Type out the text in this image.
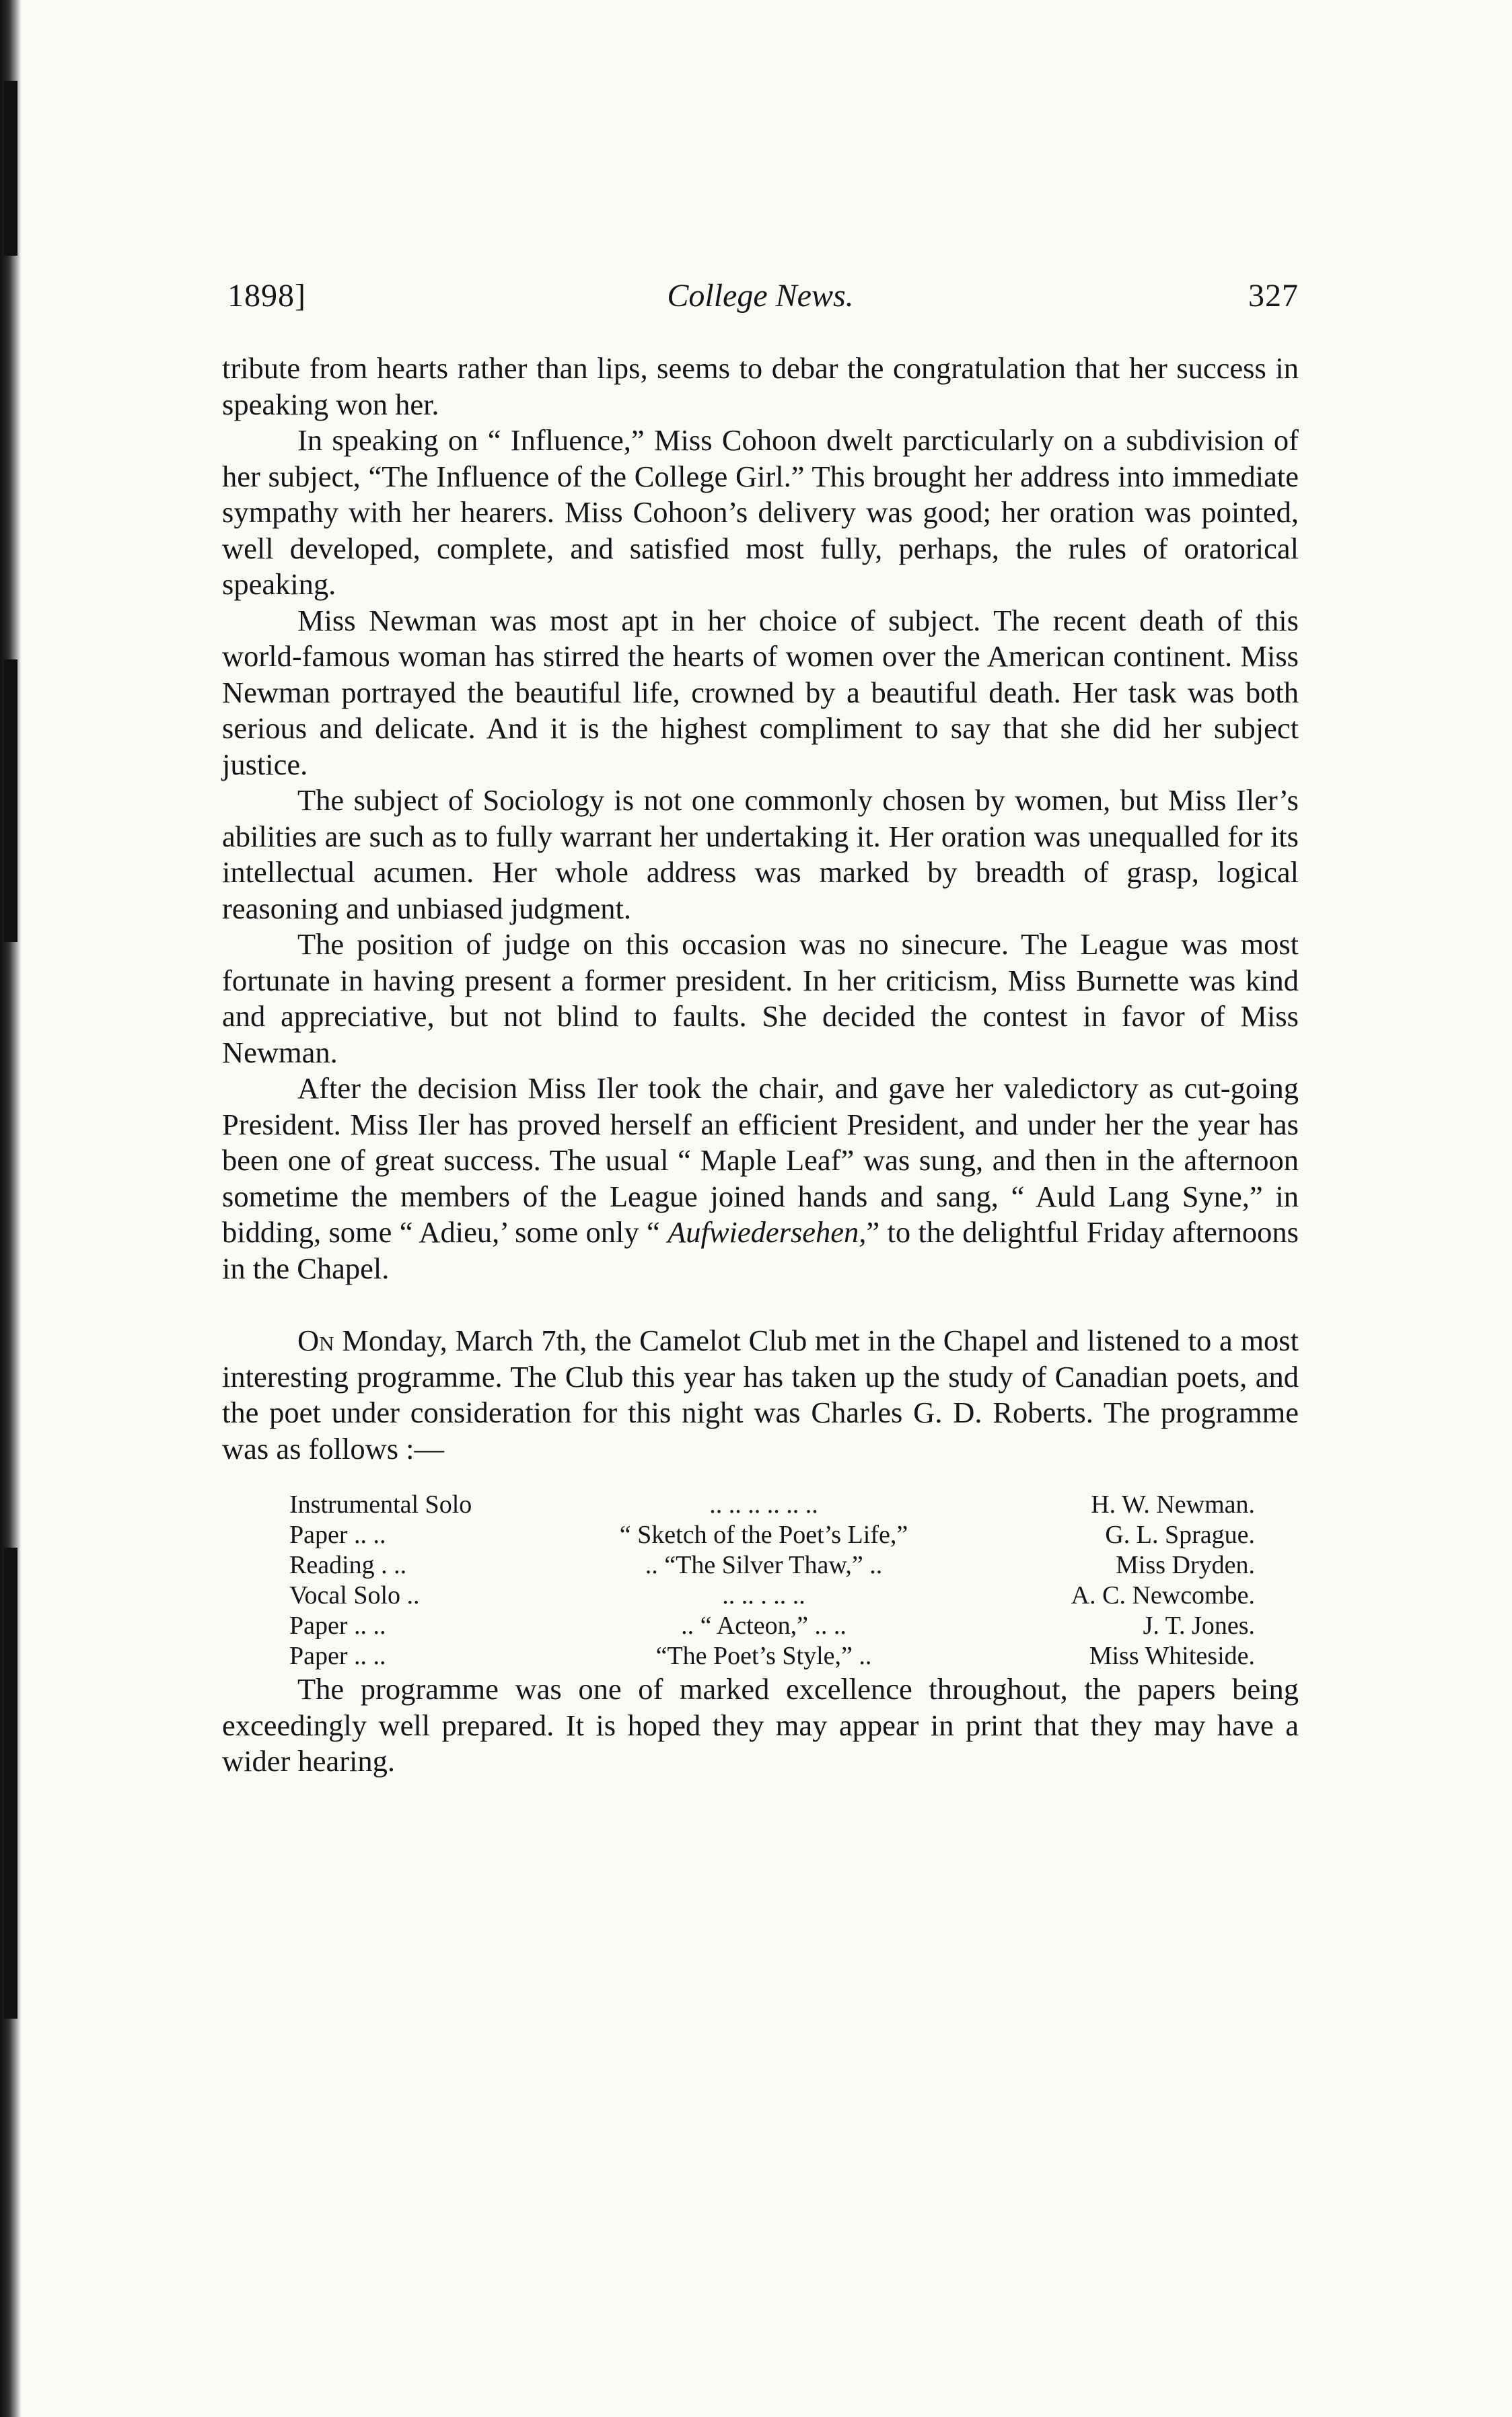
1898]	College News.	327

tribute from hearts rather than lips, seems to debar the congratulation that her success in speaking won her.

In speaking on “ Influence,” Miss Cohoon dwelt parcticularly on a subdivision of her subject, “The Influence of the College Girl.” This brought her address into immediate sympathy with her hearers. Miss Cohoon’s delivery was good; her oration was pointed, well developed, complete, and satisfied most fully, perhaps, the rules of oratorical speaking.

Miss Newman was most apt in her choice of subject. The recent death of this world-famous woman has stirred the hearts of women over the American continent. Miss Newman portrayed the beautiful life, crowned by a beautiful death. Her task was both serious and delicate. And it is the highest compliment to say that she did her subject justice.

The subject of Sociology is not one commonly chosen by women, but Miss Iler’s abilities are such as to fully warrant her undertaking it. Her oration was unequalled for its intellectual acumen. Her whole address was marked by breadth of grasp, logical reasoning and unbiased judgment.

The position of judge on this occasion was no sinecure. The League was most fortunate in having present a former president. In her criticism, Miss Burnette was kind and appreciative, but not blind to faults. She decided the contest in favor of Miss Newman.

After the decision Miss Iler took the chair, and gave her valedictory as cut-going President. Miss Iler has proved herself an efficient President, and under her the year has been one of great success. The usual “ Maple Leaf” was sung, and then in the afternoon sometime the members of the League joined hands and sang, “ Auld Lang Syne,” in bidding, some “ Adieu,’ some only “ Aufwiedersehen,” to the delightful Friday afternoons in the Chapel.

On Monday, March 7th, the Camelot Club met in the Chapel and listened to a most interesting programme. The Club this year has taken up the study of Canadian poets, and the poet under consideration for this night was Charles G. D. Roberts. The programme was as follows :—

Instrumental Solo	.. .. .. .. .. ..	H. W. Newman.
Paper .. ..	“ Sketch of the Poet’s Life,”	G. L. Sprague.
Reading . ..	.. “The Silver Thaw,” ..	Miss Dryden.
Vocal Solo ..	.. .. . .. ..	A. C. Newcombe.
Paper .. ..	.. “ Acteon,” .. ..	J. T. Jones.
Paper .. ..	“The Poet’s Style,” ..	Miss Whiteside.

The programme was one of marked excellence throughout, the papers being exceedingly well prepared. It is hoped they may appear in print that they may have a wider hearing.
